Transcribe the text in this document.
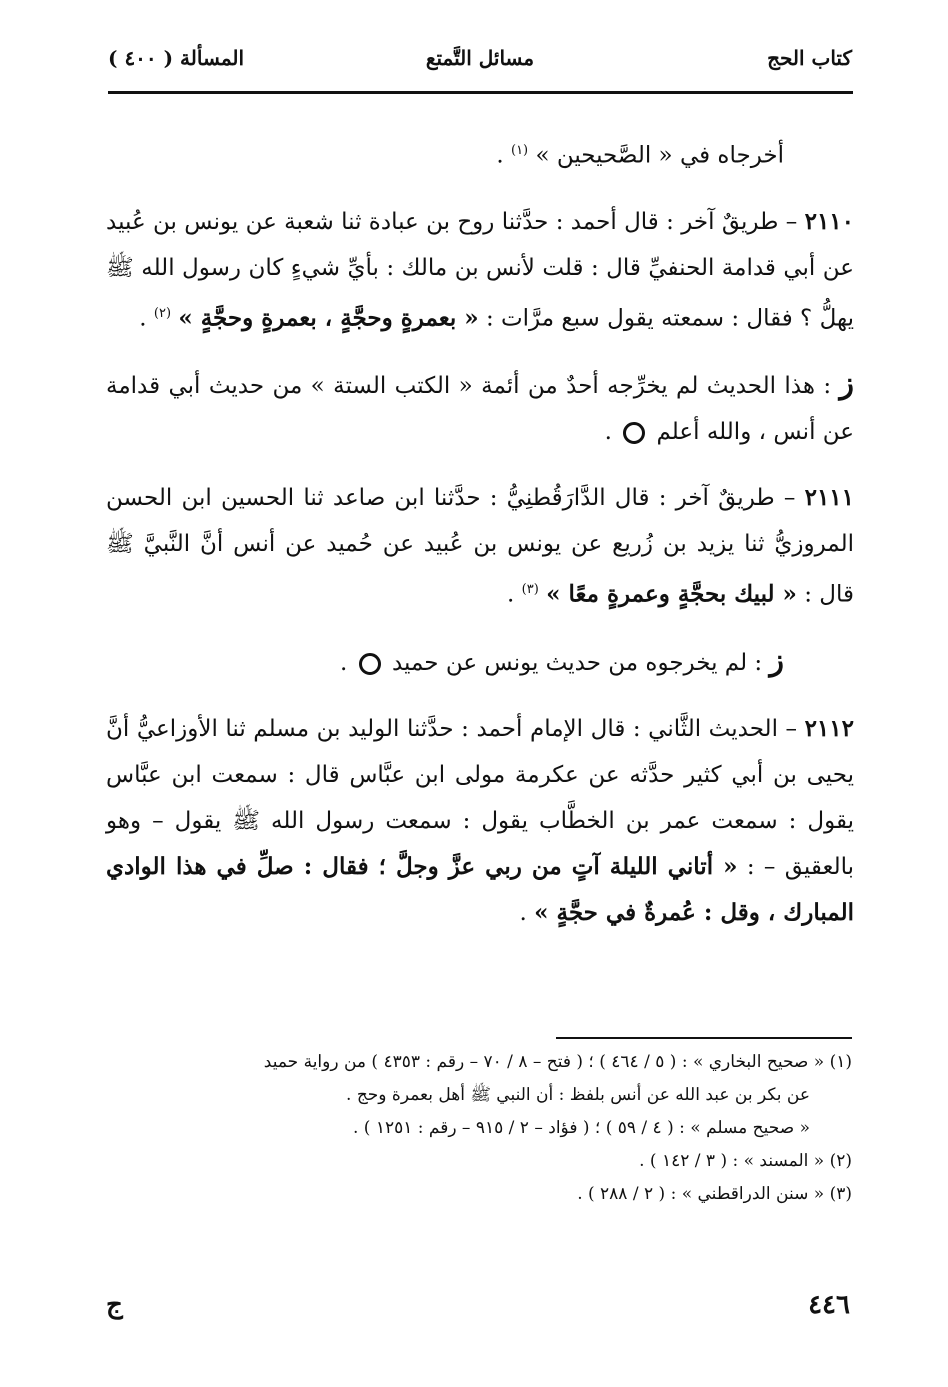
كتاب الحج
مسائل التَّمتع
المسألة ( ٤٠٠ )

أخرجاه في « الصَّحيحين » $^{(١)}$ .

٢١١٠ – طريقٌ آخر : قال أحمد : حدَّثنا روح بن عبادة ثنا شعبة عن يونس بن عُبيد عن أبي قدامة الحنفيِّ قال : قلت لأنس بن مالك : بأيِّ شيءٍ كان رسول الله ﷺ يهلُّ ؟ فقال : سمعته يقول سبع مرَّات : « بعمرةٍ وحجَّةٍ ، بعمرةٍ وحجَّةٍ » $^{(٢)}$ .

ز : هذا الحديث لم يخرِّجه أحدٌ من أئمة « الكتب الستة » من حديث أبي قدامة عن أنس ، والله أعلم  .

٢١١١ – طريقٌ آخر : قال الدَّارَقُطنِيُّ : حدَّثنا ابن صاعد ثنا الحسين ابن الحسن المروزيُّ ثنا يزيد بن زُريع عن يونس بن عُبيد عن حُميد عن أنس أنَّ النَّبيَّ ﷺ قال : « لبيك بحجَّةٍ وعمرةٍ معًا » $^{(٣)}$ .

ز : لم يخرجوه من حديث يونس عن حميد  .

٢١١٢ – الحديث الثَّاني : قال الإمام أحمد : حدَّثنا الوليد بن مسلم ثنا الأوزاعيُّ أنَّ يحيى بن أبي كثير حدَّثه عن عكرمة مولى ابن عبَّاس قال : سمعت ابن عبَّاس يقول : سمعت عمر بن الخطَّاب يقول : سمعت رسول الله ﷺ يقول – وهو بالعقيق – : « أتاني الليلة آتٍ من ربي عزَّ وجلَّ ؛ فقال : صلِّ في هذا الوادي المبارك ، وقل : عُمرةٌ في حجَّةٍ » .

(١) « صحيح البخاري » : ( ٥ / ٤٦٤ ) ؛ ( فتح – ٨ / ٧٠ – رقم : ٤٣٥٣ ) من رواية حميد
عن بكر بن عبد الله عن أنس بلفظ : أن النبي ﷺ أهل بعمرة وحج .
« صحيح مسلم » : ( ٤ / ٥٩ ) ؛ ( فؤاد – ٢ / ٩١٥ – رقم : ١٢٥١ ) .
(٢) « المسند » : ( ٣ / ١٤٢ ) .
(٣) « سنن الدراقطني » : ( ٢ / ٢٨٨ ) .
٤٤٦
ج
